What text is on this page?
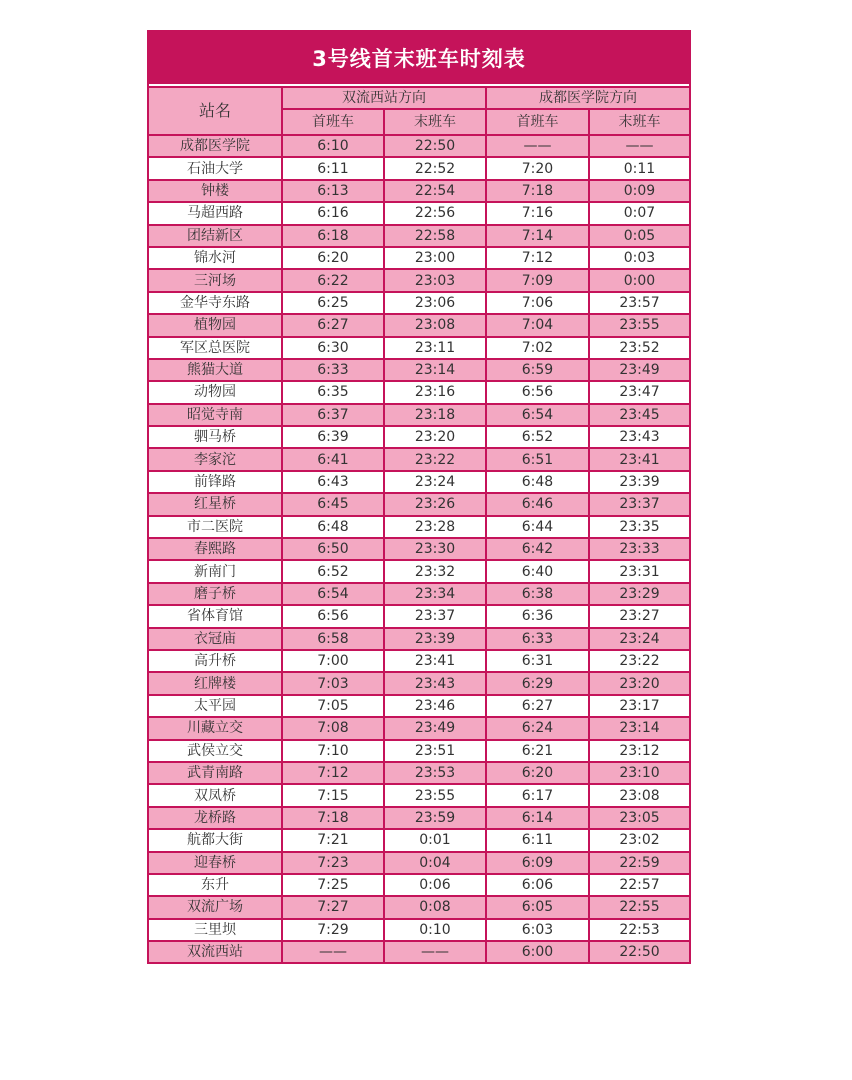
3号线首末班车时刻表
站名	双流西站方向		成都医学院方向	
	首班车	末班车	首班车	末班车
成都医学院	6:10	22:50	——	——
石油大学	6:11	22:52	7:20	0:11
钟楼	6:13	22:54	7:18	0:09
马超西路	6:16	22:56	7:16	0:07
团结新区	6:18	22:58	7:14	0:05
锦水河	6:20	23:00	7:12	0:03
三河场	6:22	23:03	7:09	0:00
金华寺东路	6:25	23:06	7:06	23:57
植物园	6:27	23:08	7:04	23:55
军区总医院	6:30	23:11	7:02	23:52
熊猫大道	6:33	23:14	6:59	23:49
动物园	6:35	23:16	6:56	23:47
昭觉寺南	6:37	23:18	6:54	23:45
驷马桥	6:39	23:20	6:52	23:43
李家沱	6:41	23:22	6:51	23:41
前锋路	6:43	23:24	6:48	23:39
红星桥	6:45	23:26	6:46	23:37
市二医院	6:48	23:28	6:44	23:35
春熙路	6:50	23:30	6:42	23:33
新南门	6:52	23:32	6:40	23:31
磨子桥	6:54	23:34	6:38	23:29
省体育馆	6:56	23:37	6:36	23:27
衣冠庙	6:58	23:39	6:33	23:24
高升桥	7:00	23:41	6:31	23:22
红牌楼	7:03	23:43	6:29	23:20
太平园	7:05	23:46	6:27	23:17
川藏立交	7:08	23:49	6:24	23:14
武侯立交	7:10	23:51	6:21	23:12
武青南路	7:12	23:53	6:20	23:10
双凤桥	7:15	23:55	6:17	23:08
龙桥路	7:18	23:59	6:14	23:05
航都大街	7:21	0:01	6:11	23:02
迎春桥	7:23	0:04	6:09	22:59
东升	7:25	0:06	6:06	22:57
双流广场	7:27	0:08	6:05	22:55
三里坝	7:29	0:10	6:03	22:53
双流西站	——	——	6:00	22:50
